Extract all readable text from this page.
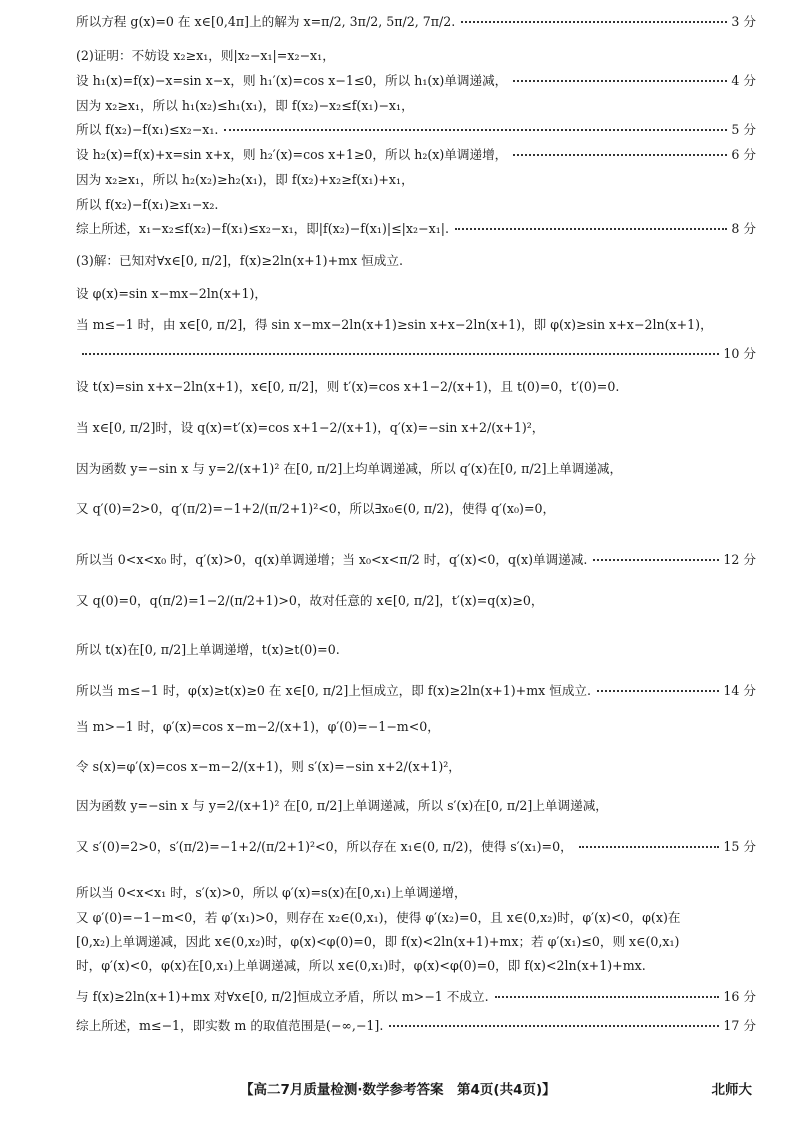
所以方程 g(x)=0 在 x∈[0,4π]上的解为 x=π/2, 3π/2, 5π/2, 7π/2.	3 分
(2)证明：不妨设 x₂≥x₁，则|x₂−x₁|=x₂−x₁，
设 h₁(x)=f(x)−x=sin x−x，则 h₁′(x)=cos x−1≤0，所以 h₁(x)单调递减，	4 分
因为 x₂≥x₁，所以 h₁(x₂)≤h₁(x₁)，即 f(x₂)−x₂≤f(x₁)−x₁，
所以 f(x₂)−f(x₁)≤x₂−x₁.	5 分
设 h₂(x)=f(x)+x=sin x+x，则 h₂′(x)=cos x+1≥0，所以 h₂(x)单调递增，	6 分
因为 x₂≥x₁，所以 h₂(x₂)≥h₂(x₁)，即 f(x₂)+x₂≥f(x₁)+x₁，
所以 f(x₂)−f(x₁)≥x₁−x₂.
综上所述，x₁−x₂≤f(x₂)−f(x₁)≤x₂−x₁，即|f(x₂)−f(x₁)|≤|x₂−x₁|.	8 分
(3)解：已知对∀x∈[0, π/2]，f(x)≥2ln(x+1)+mx 恒成立.
设 φ(x)=sin x−mx−2ln(x+1)，
当 m≤−1 时，由 x∈[0, π/2]，得 sin x−mx−2ln(x+1)≥sin x+x−2ln(x+1)，即 φ(x)≥sin x+x−2ln(x+1)，
10 分
设 t(x)=sin x+x−2ln(x+1)，x∈[0, π/2]，则 t′(x)=cos x+1−2/(x+1)，且 t(0)=0，t′(0)=0.
当 x∈[0, π/2]时，设 q(x)=t′(x)=cos x+1−2/(x+1)，q′(x)=−sin x+2/(x+1)²，
因为函数 y=−sin x 与 y=2/(x+1)² 在[0, π/2]上均单调递减，所以 q′(x)在[0, π/2]上单调递减，
又 q′(0)=2>0，q′(π/2)=−1+2/(π/2+1)²<0，所以∃x₀∈(0, π/2)，使得 q′(x₀)=0，
所以当 0<x<x₀ 时，q′(x)>0，q(x)单调递增；当 x₀<x<π/2 时，q′(x)<0，q(x)单调递减.	12 分
又 q(0)=0，q(π/2)=1−2/(π/2+1)>0，故对任意的 x∈[0, π/2]，t′(x)=q(x)≥0，
所以 t(x)在[0, π/2]上单调递增，t(x)≥t(0)=0.
所以当 m≤−1 时，φ(x)≥t(x)≥0 在 x∈[0, π/2]上恒成立，即 f(x)≥2ln(x+1)+mx 恒成立.	14 分
当 m>−1 时，φ′(x)=cos x−m−2/(x+1)，φ′(0)=−1−m<0，
令 s(x)=φ′(x)=cos x−m−2/(x+1)，则 s′(x)=−sin x+2/(x+1)²，
因为函数 y=−sin x 与 y=2/(x+1)² 在[0, π/2]上单调递减，所以 s′(x)在[0, π/2]上单调递减，
又 s′(0)=2>0，s′(π/2)=−1+2/(π/2+1)²<0，所以存在 x₁∈(0, π/2)，使得 s′(x₁)=0，	15 分
所以当 0<x<x₁ 时，s′(x)>0，所以 φ′(x)=s(x)在[0,x₁)上单调递增，
又 φ′(0)=−1−m<0，若 φ′(x₁)>0，则存在 x₂∈(0,x₁)，使得 φ′(x₂)=0，且 x∈(0,x₂)时，φ′(x)<0，φ(x)在
[0,x₂)上单调递减，因此 x∈(0,x₂)时，φ(x)<φ(0)=0，即 f(x)<2ln(x+1)+mx；若 φ′(x₁)≤0，则 x∈(0,x₁)
时，φ′(x)<0，φ(x)在[0,x₁)上单调递减，所以 x∈(0,x₁)时，φ(x)<φ(0)=0，即 f(x)<2ln(x+1)+mx.
与 f(x)≥2ln(x+1)+mx 对∀x∈[0, π/2]恒成立矛盾，所以 m>−1 不成立.	16 分
综上所述，m≤−1，即实数 m 的取值范围是(−∞,−1].	17 分
【高二7月质量检测·数学参考答案　第4页(共4页)】	北师大
